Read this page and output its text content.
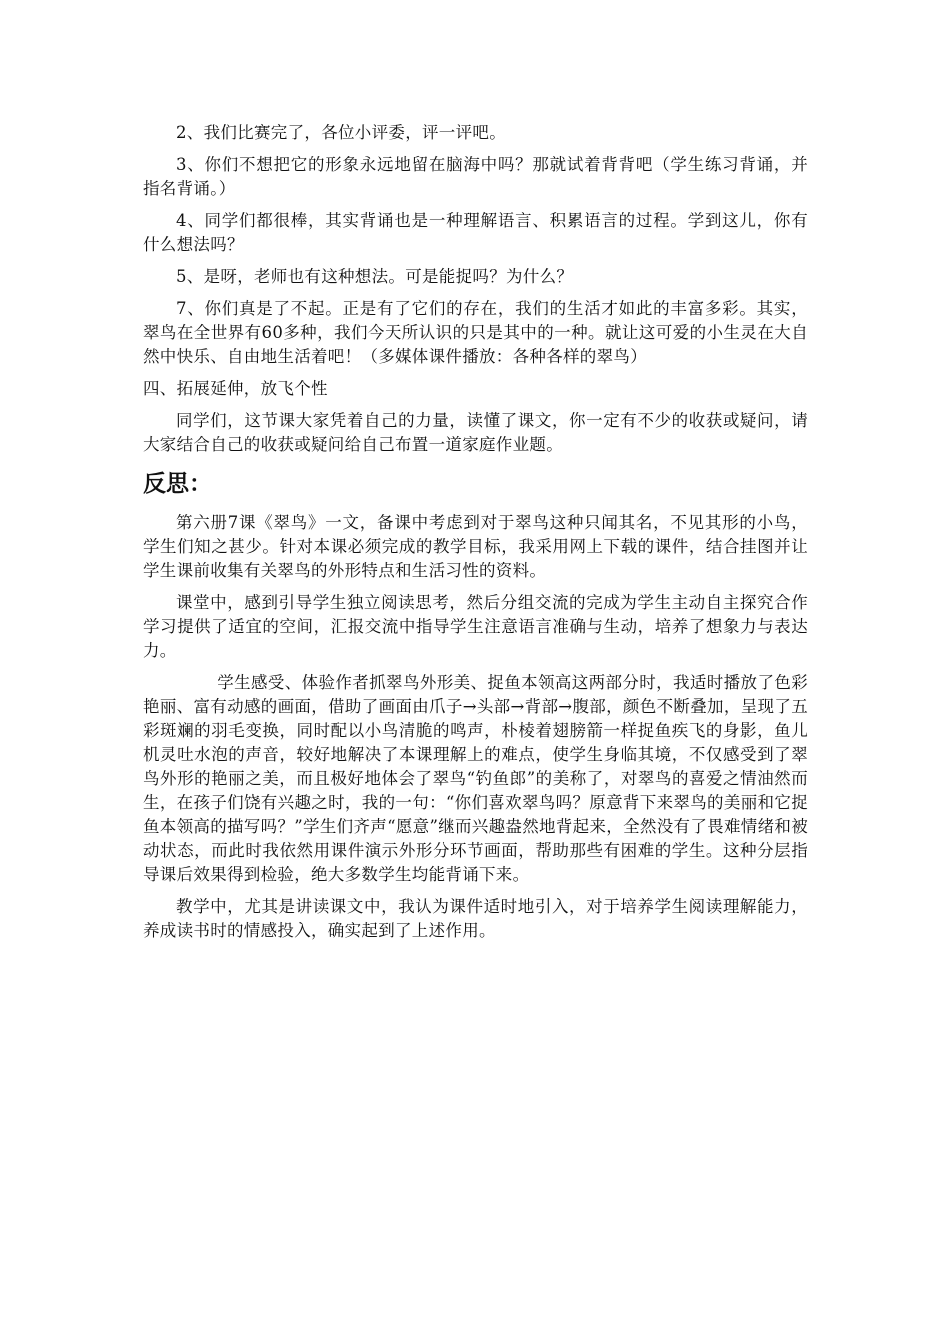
2、我们比赛完了，各位小评委，评一评吧。

3、你们不想把它的形象永远地留在脑海中吗？那就试着背背吧（学生练习背诵，并指名背诵。）

4、同学们都很棒，其实背诵也是一种理解语言、积累语言的过程。学到这儿，你有什么想法吗？

5、是呀，老师也有这种想法。可是能捉吗？为什么？

7、你们真是了不起。正是有了它们的存在，我们的生活才如此的丰富多彩。其实，翠鸟在全世界有60多种，我们今天所认识的只是其中的一种。就让这可爱的小生灵在大自然中快乐、自由地生活着吧！（多媒体课件播放：各种各样的翠鸟）

四、拓展延伸，放飞个性

同学们，这节课大家凭着自己的力量，读懂了课文，你一定有不少的收获或疑问，请大家结合自己的收获或疑问给自己布置一道家庭作业题。

反思：

第六册7课《翠鸟》一文，备课中考虑到对于翠鸟这种只闻其名，不见其形的小鸟，学生们知之甚少。针对本课必须完成的教学目标，我采用网上下载的课件，结合挂图并让学生课前收集有关翠鸟的外形特点和生活习性的资料。

课堂中，感到引导学生独立阅读思考，然后分组交流的完成为学生主动自主探究合作学习提供了适宜的空间，汇报交流中指导学生注意语言准确与生动，培养了想象力与表达力。

学生感受、体验作者抓翠鸟外形美、捉鱼本领高这两部分时，我适时播放了色彩艳丽、富有动感的画面，借助了画面由爪子→头部→背部→腹部，颜色不断叠加，呈现了五彩斑斓的羽毛变换，同时配以小鸟清脆的鸣声，朴棱着翅膀箭一样捉鱼疾飞的身影，鱼儿机灵吐水泡的声音，较好地解决了本课理解上的难点，使学生身临其境，不仅感受到了翠鸟外形的艳丽之美，而且极好地体会了翠鸟“钓鱼郎”的美称了，对翠鸟的喜爱之情油然而生，在孩子们饶有兴趣之时，我的一句：“你们喜欢翠鸟吗？原意背下来翠鸟的美丽和它捉鱼本领高的描写吗？”学生们齐声“愿意”继而兴趣盎然地背起来，全然没有了畏难情绪和被动状态，而此时我依然用课件演示外形分环节画面，帮助那些有困难的学生。这种分层指导课后效果得到检验，绝大多数学生均能背诵下来。

教学中，尤其是讲读课文中，我认为课件适时地引入，对于培养学生阅读理解能力，养成读书时的情感投入，确实起到了上述作用。
